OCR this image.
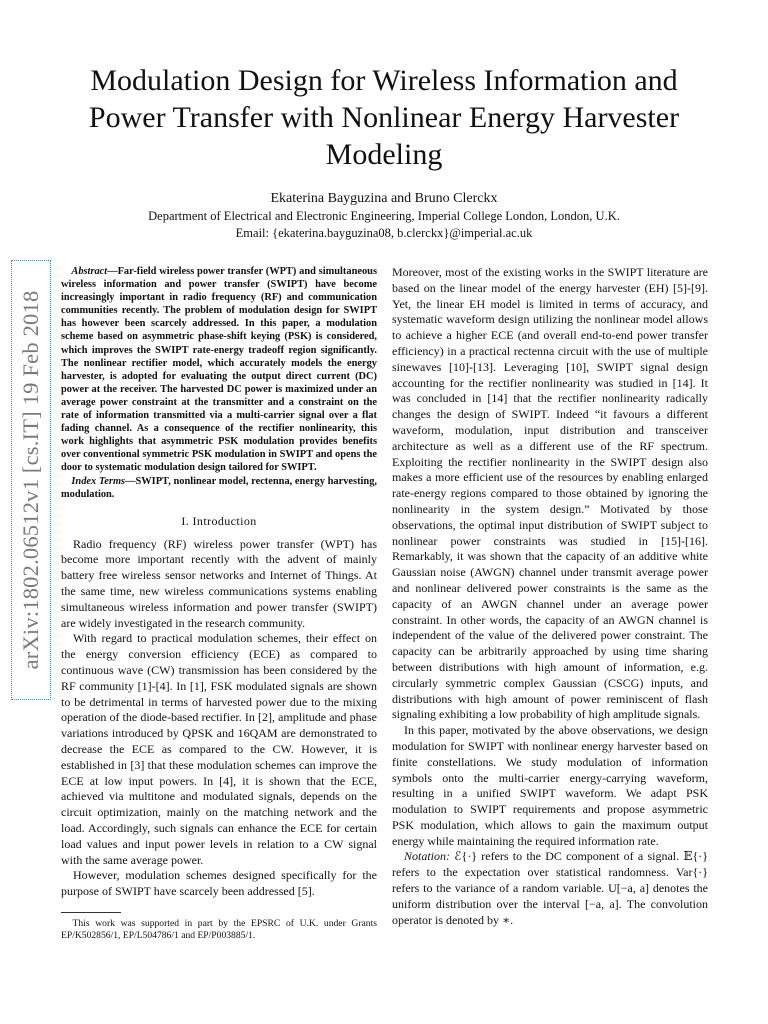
Modulation Design for Wireless Information and Power Transfer with Nonlinear Energy Harvester Modeling
Ekaterina Bayguzina and Bruno Clerckx
Department of Electrical and Electronic Engineering, Imperial College London, London, U.K.
Email: {ekaterina.bayguzina08, b.clerckx}@imperial.ac.uk
arXiv:1802.06512v1 [cs.IT] 19 Feb 2018

Abstract—Far-field wireless power transfer (WPT) and simultaneous wireless information and power transfer (SWIPT) have become increasingly important in radio frequency (RF) and communication communities recently. The problem of modulation design for SWIPT has however been scarcely addressed. In this paper, a modulation scheme based on asymmetric phase-shift keying (PSK) is considered, which improves the SWIPT rate-energy tradeoff region significantly. The nonlinear rectifier model, which accurately models the energy harvester, is adopted for evaluating the output direct current (DC) power at the receiver. The harvested DC power is maximized under an average power constraint at the transmitter and a constraint on the rate of information transmitted via a multi-carrier signal over a flat fading channel. As a consequence of the rectifier nonlinearity, this work highlights that asymmetric PSK modulation provides benefits over conventional symmetric PSK modulation in SWIPT and opens the door to systematic modulation design tailored for SWIPT.

Index Terms—SWIPT, nonlinear model, rectenna, energy harvesting, modulation.

I. Introduction

Radio frequency (RF) wireless power transfer (WPT) has become more important recently with the advent of mainly battery free wireless sensor networks and Internet of Things. At the same time, new wireless communications systems enabling simultaneous wireless information and power transfer (SWIPT) are widely investigated in the research community.

With regard to practical modulation schemes, their effect on the energy conversion efficiency (ECE) as compared to continuous wave (CW) transmission has been considered by the RF community [1]-[4]. In [1], FSK modulated signals are shown to be detrimental in terms of harvested power due to the mixing operation of the diode-based rectifier. In [2], amplitude and phase variations introduced by QPSK and 16QAM are demonstrated to decrease the ECE as compared to the CW. However, it is established in [3] that these modulation schemes can improve the ECE at low input powers. In [4], it is shown that the ECE, achieved via multitone and modulated signals, depends on the circuit optimization, mainly on the matching network and the load. Accordingly, such signals can enhance the ECE for certain load values and input power levels in relation to a CW signal with the same average power.

However, modulation schemes designed specifically for the purpose of SWIPT have scarcely been addressed [5].

This work was supported in part by the EPSRC of U.K. under Grants EP/K502856/1, EP/L504786/1 and EP/P003885/1.

Moreover, most of the existing works in the SWIPT literature are based on the linear model of the energy harvester (EH) [5]-[9]. Yet, the linear EH model is limited in terms of accuracy, and systematic waveform design utilizing the nonlinear model allows to achieve a higher ECE (and overall end-to-end power transfer efficiency) in a practical rectenna circuit with the use of multiple sinewaves [10]-[13]. Leveraging [10], SWIPT signal design accounting for the rectifier nonlinearity was studied in [14]. It was concluded in [14] that the rectifier nonlinearity radically changes the design of SWIPT. Indeed “it favours a different waveform, modulation, input distribution and transceiver architecture as well as a different use of the RF spectrum. Exploiting the rectifier nonlinearity in the SWIPT design also makes a more efficient use of the resources by enabling enlarged rate-energy regions compared to those obtained by ignoring the nonlinearity in the system design.” Motivated by those observations, the optimal input distribution of SWIPT subject to nonlinear power constraints was studied in [15]-[16]. Remarkably, it was shown that the capacity of an additive white Gaussian noise (AWGN) channel under transmit average power and nonlinear delivered power constraints is the same as the capacity of an AWGN channel under an average power constraint. In other words, the capacity of an AWGN channel is independent of the value of the delivered power constraint. The capacity can be arbitrarily approached by using time sharing between distributions with high amount of information, e.g. circularly symmetric complex Gaussian (CSCG) inputs, and distributions with high amount of power reminiscent of flash signaling exhibiting a low probability of high amplitude signals.

In this paper, motivated by the above observations, we design modulation for SWIPT with nonlinear energy harvester based on finite constellations. We study modulation of information symbols onto the multi-carrier energy-carrying waveform, resulting in a unified SWIPT waveform. We adapt PSK modulation to SWIPT requirements and propose asymmetric PSK modulation, which allows to gain the maximum output energy while maintaining the required information rate.

Notation: ℰ{·} refers to the DC component of a signal. 𝔼{·} refers to the expectation over statistical randomness. Var{·} refers to the variance of a random variable. U[−a, a] denotes the uniform distribution over the interval [−a, a]. The convolution operator is denoted by ∗.
